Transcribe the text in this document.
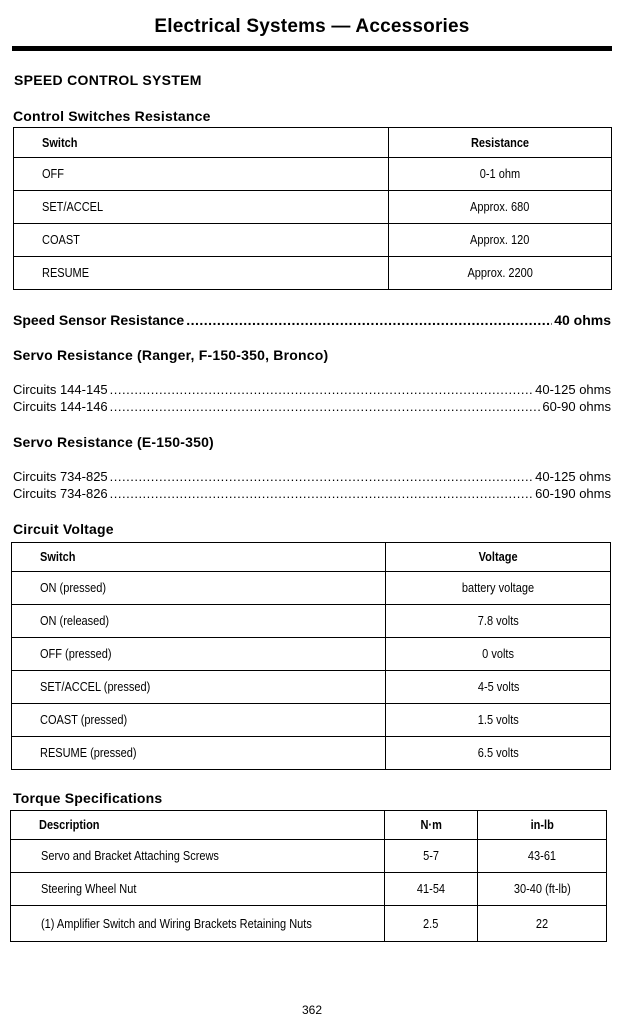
Electrical Systems — Accessories
SPEED CONTROL SYSTEM
Control Switches Resistance
Switch	Resistance
OFF	0-1 ohm
SET/ACCEL	Approx. 680
COAST	Approx. 120
RESUME	Approx. 2200
Speed Sensor Resistance .....	40 ohms
Servo Resistance (Ranger, F-150-350, Bronco)
Circuits 144-145 .....	40-125 ohms
Circuits 144-146 .....	60-90 ohms
Servo Resistance (E-150-350)
Circuits 734-825 .....	40-125 ohms
Circuits 734-826 .....	60-190 ohms
Circuit Voltage
Switch	Voltage
ON (pressed)	battery voltage
ON (released)	7.8 volts
OFF (pressed)	0 volts
SET/ACCEL (pressed)	4-5 volts
COAST (pressed)	1.5 volts
RESUME (pressed)	6.5 volts
Torque Specifications
Description	N·m	in-lb
Servo and Bracket Attaching Screws	5-7	43-61
Steering Wheel Nut	41-54	30-40 (ft-lb)
(1) Amplifier Switch and Wiring Brackets Retaining Nuts	2.5	22
362
